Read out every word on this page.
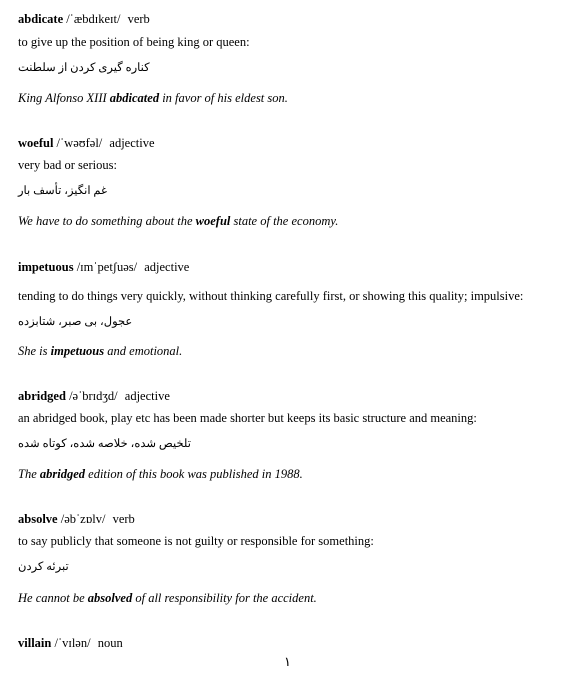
abdicate /ˈæbdɪkeɪt/ verb
to give up the position of being king or queen:
کناره گیری کردن از سلطنت
King Alfonso XIII abdicated in favor of his eldest son.
woeful /ˈwəʊfəl/ adjective
very bad or serious:
غم انگیز، تأسف بار
We have to do something about the woeful state of the economy.
impetuous /ɪmˈpetʃuəs/ adjective
tending to do things very quickly, without thinking carefully first, or showing this quality; impulsive:
عجول، بی صبر، شتابزده
She is impetuous and emotional.
abridged /əˈbrɪdʒd/ adjective
an abridged book, play etc has been made shorter but keeps its basic structure and meaning:
تلخیص شده، خلاصه شده، کوتاه شده
The abridged edition of this book was published in 1988.
absolve /əbˈzɒlv/ verb
to say publicly that someone is not guilty or responsible for something:
تبرئه کردن
He cannot be absolved of all responsibility for the accident.
villain /ˈvɪlən/ noun
۱
